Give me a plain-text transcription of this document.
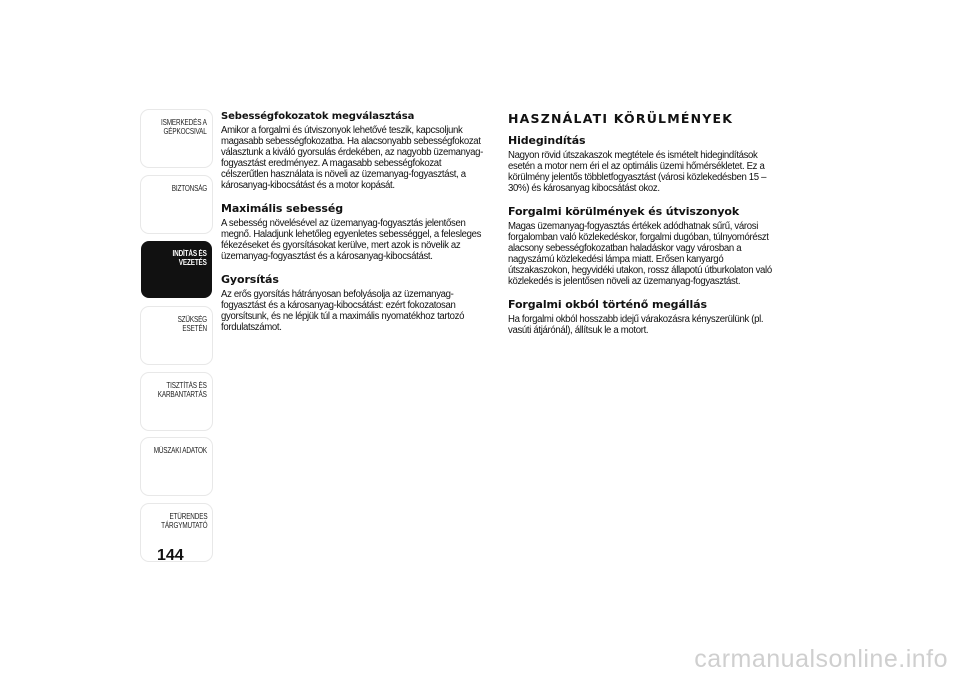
ISMERKEDÉS A
GÉPKOCSIVAL
BIZTONSÁG
INDÍTÁS ÉS
VEZETÉS
SZÜKSÉG ESETÉN
TISZTÍTÁS ÉS
KARBANTARTÁS
MŰSZAKI ADATOK
ETŰRENDES
TÁRGYMUTATÓ
144
Sebességfokozatok megválasztása

Amikor a forgalmi és útviszonyok lehetővé teszik, kapcsoljunk magasabb sebességfokozatba. Ha alacsonyabb sebességfokozat választunk a kiváló gyorsulás érdekében, az nagyobb üzemanyag-fogyasztást eredményez. A magasabb sebességfokozat célszerűtlen használata is növeli az üzemanyag-fogyasztást, a károsanyag-kibocsátást és a motor kopását.

Maximális sebesség

A sebesség növelésével az üzemanyag-fogyasztás jelentősen megnő. Haladjunk lehetőleg egyenletes sebességgel, a felesleges fékezéseket és gyorsításokat kerülve, mert azok is növelik az üzemanyag-fogyasztást és a károsanyag-kibocsátást.

Gyorsítás

Az erős gyorsítás hátrányosan befolyásolja az üzemanyag-fogyasztást és a károsanyag-kibocsátást: ezért fokozatosan gyorsítsunk, és ne lépjük túl a maximális nyomatékhoz tartozó fordulatszámot.

HASZNÁLATI KÖRÜLMÉNYEK
Hidegindítás

Nagyon rövid útszakaszok megtétele és ismételt hidegindítások esetén a motor nem éri el az optimális üzemi hőmérsékletet. Ez a körülmény jelentős többletfogyasztást (városi közlekedésben 15 – 30%) és károsanyag kibocsátást okoz.

Forgalmi körülmények és útviszonyok

Magas üzemanyag-fogyasztás értékek adódhatnak sűrű, városi forgalomban való közlekedéskor, forgalmi dugóban, túlnyomórészt alacsony sebességfokozatban haladáskor vagy városban a nagyszámú közlekedési lámpa miatt. Erősen kanyargó útszakaszokon, hegyvidéki utakon, rossz állapotú útburkolaton való közlekedés is jelentősen növeli az üzemanyag-fogyasztást.

Forgalmi okból történő megállás

Ha forgalmi okból hosszabb idejű várakozásra kényszerülünk (pl. vasúti átjárónál), állítsuk le a motort.

carmanualsonline.info
